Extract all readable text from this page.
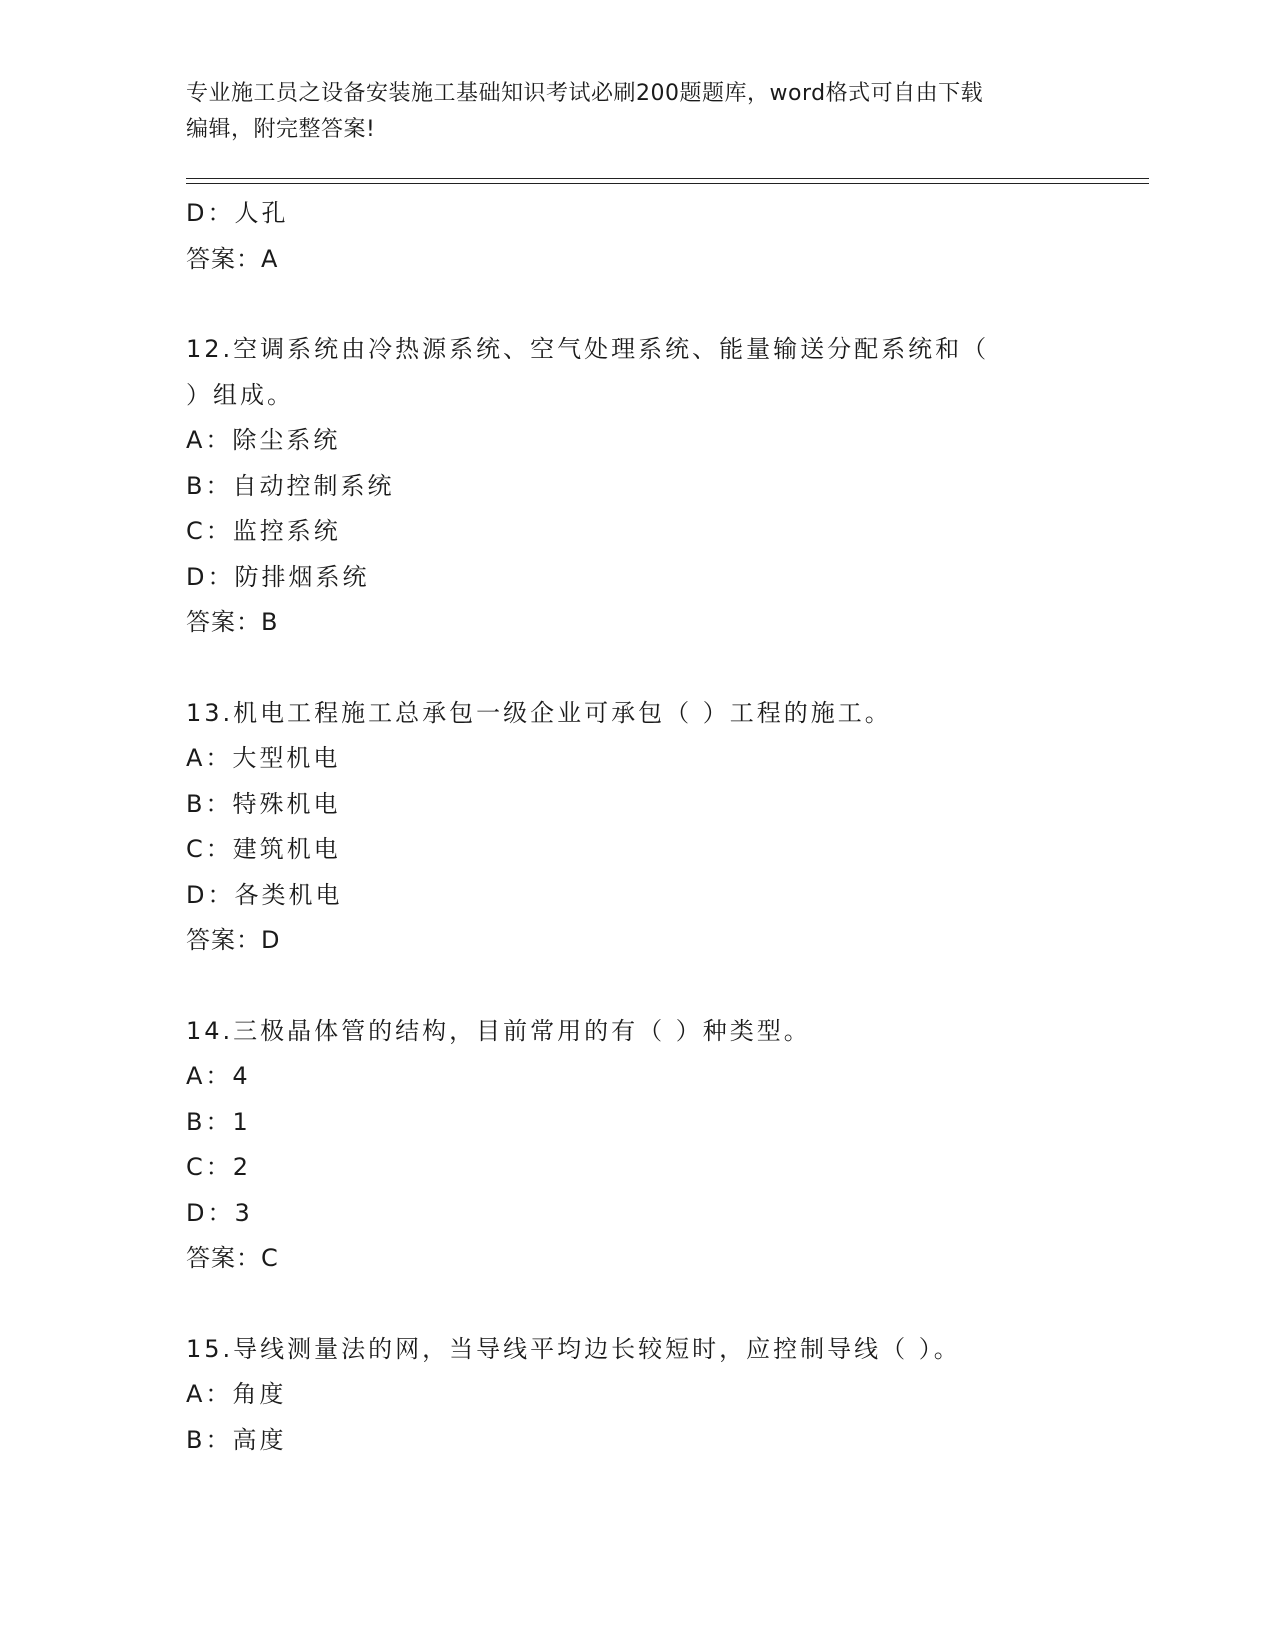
专业施工员之设备安装施工基础知识考试必刷200题题库，word格式可自由下载
编辑，附完整答案!
D：人孔
答案：A
12.空调系统由冷热源系统、空气处理系统、能量输送分配系统和（
）组成。
A：除尘系统
B：自动控制系统
C：监控系统
D：防排烟系统
答案：B
13.机电工程施工总承包一级企业可承包（ ）工程的施工。
A：大型机电
B：特殊机电
C：建筑机电
D：各类机电
答案：D
14.三极晶体管的结构，目前常用的有（ ）种类型。
A：4
B：1
C：2
D：3
答案：C
15.导线测量法的网，当导线平均边长较短时，应控制导线（ ）。
A：角度
B：高度
